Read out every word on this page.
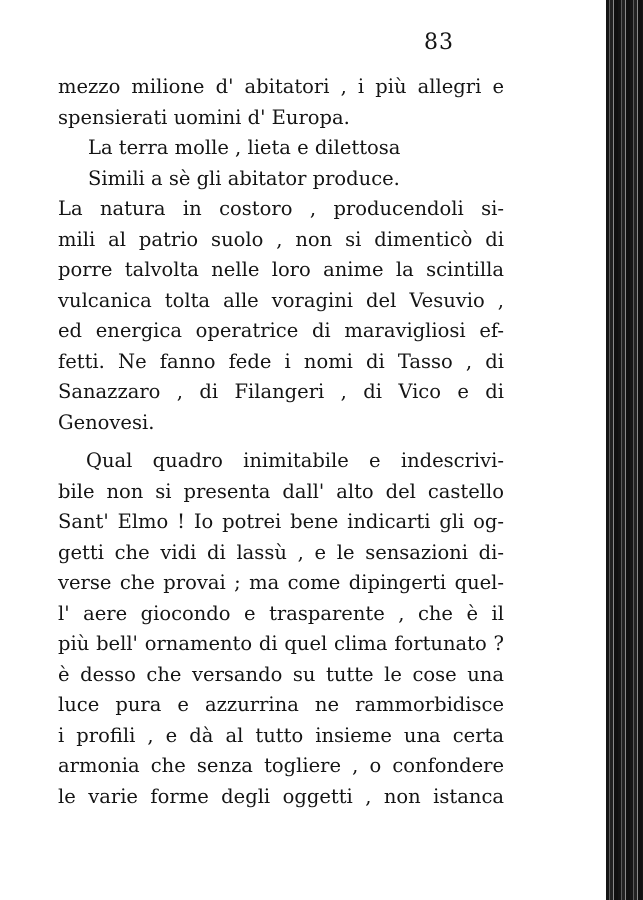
83
mezzo milione d' abitatori , i più allegri e
spensierati uomini d' Europa.
La terra molle , lieta e dilettosa
Simili a sè gli abitator produce.
La natura in costoro , producendoli si-
mili al patrio suolo , non si dimenticò di
porre talvolta nelle loro anime la scintilla
vulcanica tolta alle voragini del Vesuvio ,
ed energica operatrice di maravigliosi ef-
fetti. Ne fanno fede i nomi di Tasso , di
Sanazzaro , di Filangeri , di Vico e di
Genovesi.
Qual quadro inimitabile e indescrivi-
bile non si presenta dall' alto del castello
Sant' Elmo ! Io potrei bene indicarti gli og-
getti che vidi di lassù , e le sensazioni di-
verse che provai ; ma come dipingerti quel-
l' aere giocondo e trasparente , che è il
più bell' ornamento di quel clima fortunato ?
è desso che versando su tutte le cose una
luce pura e azzurrina ne rammorbidisce
i profili , e dà al tutto insieme una certa
armonia che senza togliere , o confondere
le varie forme degli oggetti , non istanca
